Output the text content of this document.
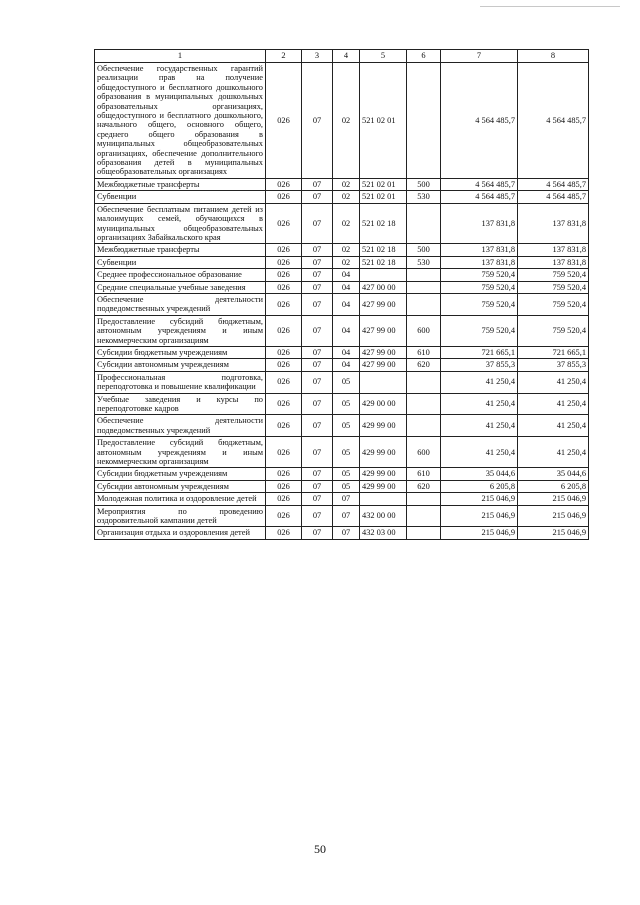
1	2	3	4	5	6	7	8
Обеспечение государственных гарантий реализации прав на получение общедоступного и бесплатного дошкольного образования в муниципальных дошкольных образовательных организациях, общедоступного и бесплатного дошкольного, начального общего, основного общего, среднего общего образования в муниципальных общеобразовательных организациях, обеспечение дополнительного образования детей в муниципальных общеобразовательных организациях	026	07	02	521 02 01		4 564 485,7	4 564 485,7
Межбюджетные трансферты	026	07	02	521 02 01	500	4 564 485,7	4 564 485,7
Субвенции	026	07	02	521 02 01	530	4 564 485,7	4 564 485,7
Обеспечение бесплатным питанием детей из малоимущих семей, обучающихся в муниципальных общеобразовательных организациях Забайкальского края	026	07	02	521 02 18		137 831,8	137 831,8
Межбюджетные трансферты	026	07	02	521 02 18	500	137 831,8	137 831,8
Субвенции	026	07	02	521 02 18	530	137 831,8	137 831,8
Среднее профессиональное образование	026	07	04			759 520,4	759 520,4
Средние специальные учебные заведения	026	07	04	427 00 00		759 520,4	759 520,4
Обеспечение деятельности подведомственных учреждений	026	07	04	427 99 00		759 520,4	759 520,4
Предоставление субсидий бюджетным, автономным учреждениям и иным некоммерческим организациям	026	07	04	427 99 00	600	759 520,4	759 520,4
Субсидии бюджетным учреждениям	026	07	04	427 99 00	610	721 665,1	721 665,1
Субсидии автономным учреждениям	026	07	04	427 99 00	620	37 855,3	37 855,3
Профессиональная подготовка, переподготовка и повышение квалификации	026	07	05			41 250,4	41 250,4
Учебные заведения и курсы по переподготовке кадров	026	07	05	429 00 00		41 250,4	41 250,4
Обеспечение деятельности подведомственных учреждений	026	07	05	429 99 00		41 250,4	41 250,4
Предоставление субсидий бюджетным, автономным учреждениям и иным некоммерческим организациям	026	07	05	429 99 00	600	41 250,4	41 250,4
Субсидии бюджетным учреждениям	026	07	05	429 99 00	610	35 044,6	35 044,6
Субсидии автономным учреждениям	026	07	05	429 99 00	620	6 205,8	6 205,8
Молодежная политика и оздоровление детей	026	07	07			215 046,9	215 046,9
Мероприятия по проведению оздоровительной кампании детей	026	07	07	432 00 00		215 046,9	215 046,9
Организация отдыха и оздоровления детей	026	07	07	432 03 00		215 046,9	215 046,9
50
